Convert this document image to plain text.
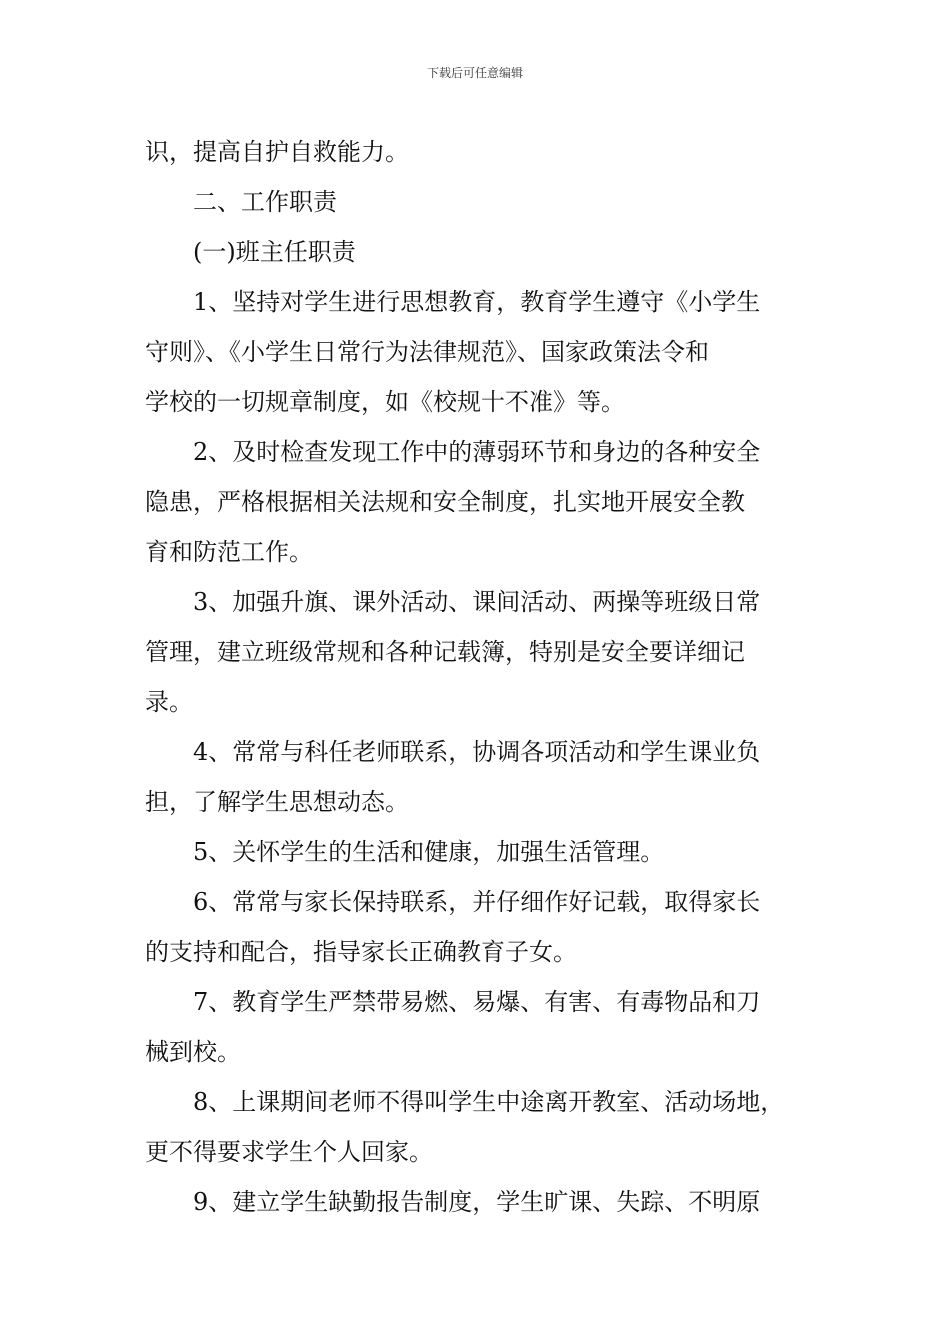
下载后可任意编辑
识，提高自护自救能力。
二、工作职责
(一)班主任职责
1、坚持对学生进行思想教育，教育学生遵守《小学生
守则》、《小学生日常行为法律规范》、国家政策法令和
学校的一切规章制度，如《校规十不准》等。
2、及时检查发现工作中的薄弱环节和身边的各种安全
隐患，严格根据相关法规和安全制度，扎实地开展安全教
育和防范工作。
3、加强升旗、课外活动、课间活动、两操等班级日常
管理，建立班级常规和各种记载簿，特别是安全要详细记
录。
4、常常与科任老师联系，协调各项活动和学生课业负
担，了解学生思想动态。
5、关怀学生的生活和健康，加强生活管理。
6、常常与家长保持联系，并仔细作好记载，取得家长
的支持和配合，指导家长正确教育子女。
7、教育学生严禁带易燃、易爆、有害、有毒物品和刀
械到校。
8、上课期间老师不得叫学生中途离开教室、活动场地，
更不得要求学生个人回家。
9、建立学生缺勤报告制度，学生旷课、失踪、不明原
